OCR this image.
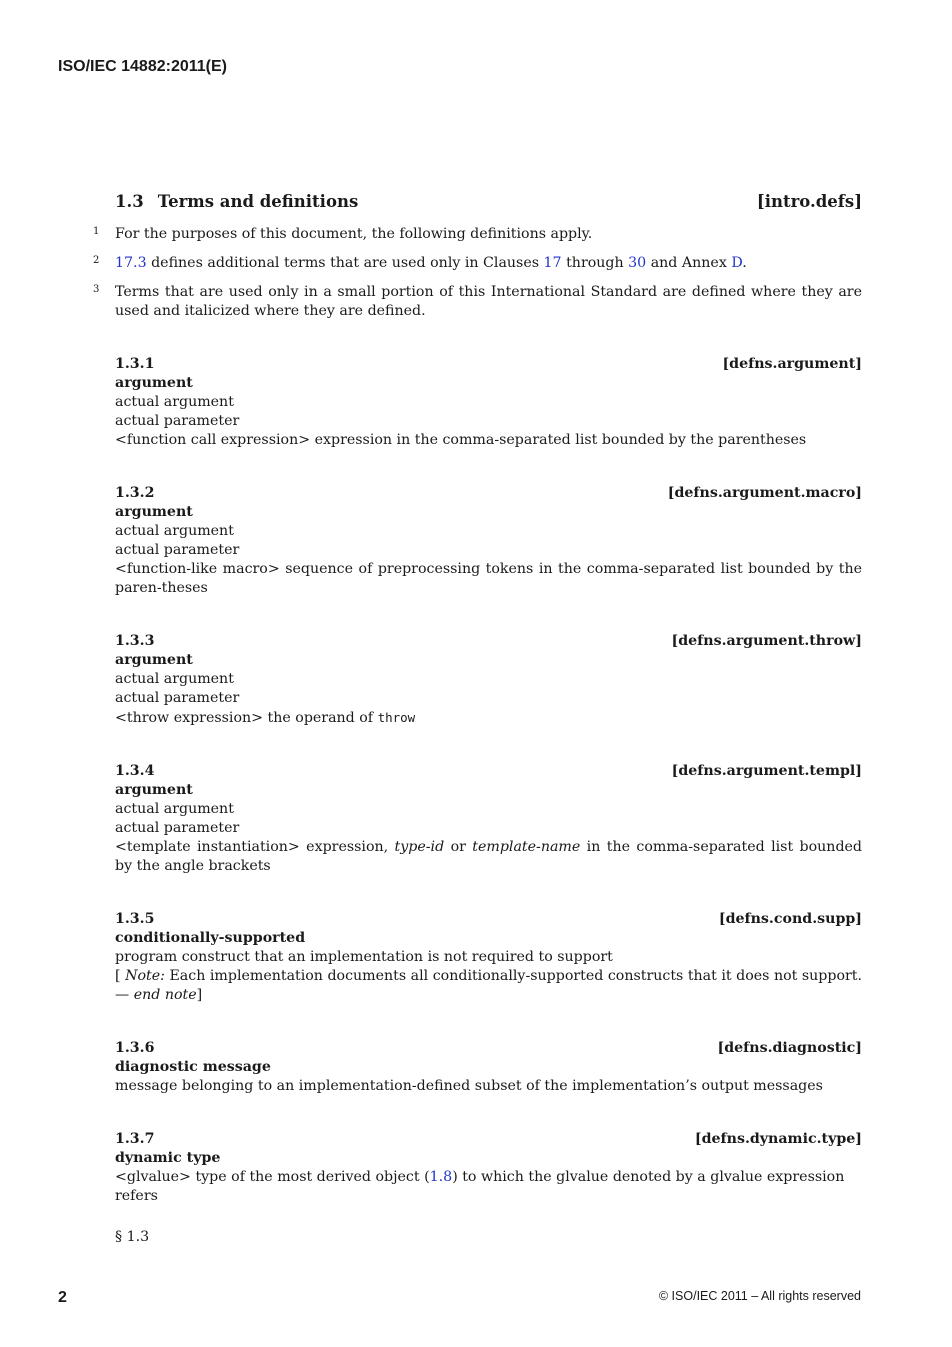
ISO/IEC 14882:2011(E)
1.3 Terms and definitions	[intro.defs]
1 For the purposes of this document, the following definitions apply.
2 17.3 defines additional terms that are used only in Clauses 17 through 30 and Annex D.
3 Terms that are used only in a small portion of this International Standard are defined where they are used and italicized where they are defined.
1.3.1	[defns.argument]
argument
actual argument
actual parameter
<function call expression> expression in the comma-separated list bounded by the parentheses
1.3.2	[defns.argument.macro]
argument
actual argument
actual parameter
<function-like macro> sequence of preprocessing tokens in the comma-separated list bounded by the paren-theses
1.3.3	[defns.argument.throw]
argument
actual argument
actual parameter
<throw expression> the operand of throw
1.3.4	[defns.argument.templ]
argument
actual argument
actual parameter
<template instantiation> expression, type-id or template-name in the comma-separated list bounded by the angle brackets
1.3.5	[defns.cond.supp]
conditionally-supported
program construct that an implementation is not required to support
[ Note: Each implementation documents all conditionally-supported constructs that it does not support. — end note]
1.3.6	[defns.diagnostic]
diagnostic message
message belonging to an implementation-defined subset of the implementation’s output messages
1.3.7	[defns.dynamic.type]
dynamic type
<glvalue> type of the most derived object (1.8) to which the glvalue denoted by a glvalue expression refers
§ 1.3
2	© ISO/IEC 2011 – All rights reserved
